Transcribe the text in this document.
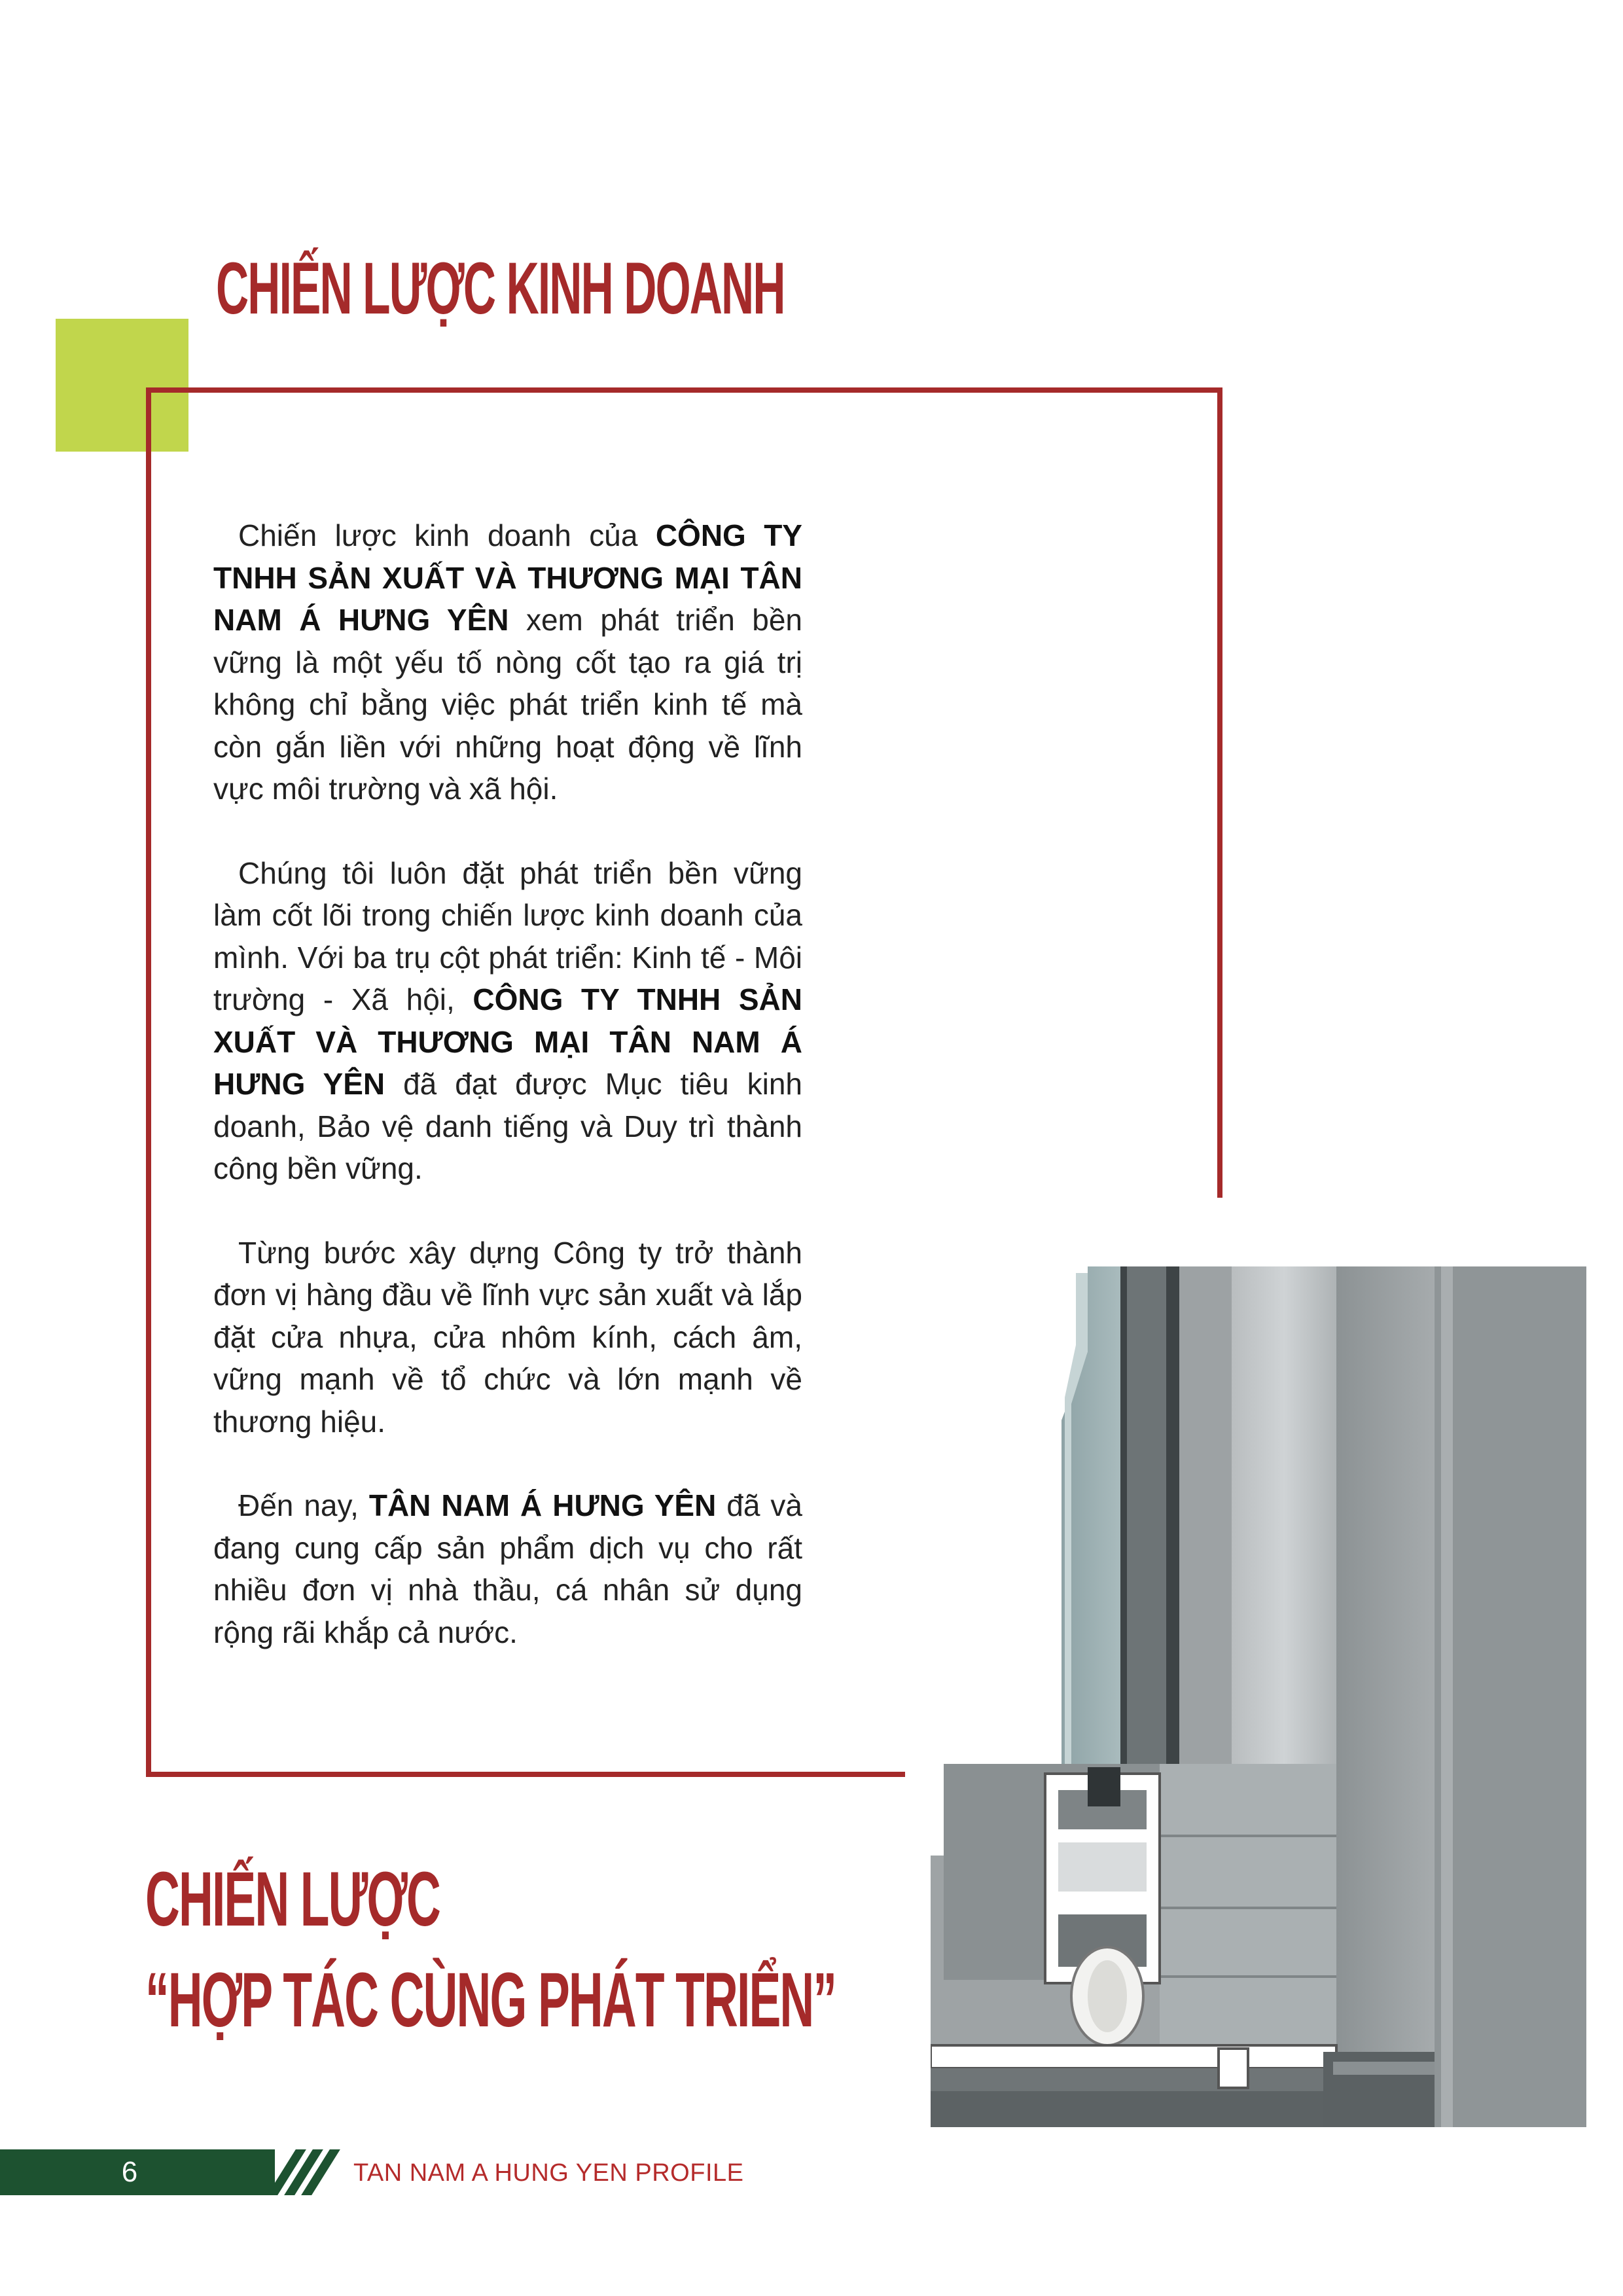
CHIẾN LƯỢC KINH DOANH

Chiến lược kinh doanh của CÔNG TY TNHH SẢN XUẤT VÀ THƯƠNG MẠI TÂN NAM Á HƯNG YÊN xem phát triển bền vững là một yếu tố nòng cốt tạo ra giá trị không chỉ bằng việc phát triển kinh tế mà còn gắn liền với những hoạt động về lĩnh vực môi trường và xã hội.

Chúng tôi luôn đặt phát triển bền vững làm cốt lõi trong chiến lược kinh doanh của mình. Với ba trụ cột phát triển: Kinh tế - Môi trường - Xã hội, CÔNG TY TNHH SẢN XUẤT VÀ THƯƠNG MẠI TÂN NAM Á HƯNG YÊN đã đạt được Mục tiêu kinh doanh, Bảo vệ danh tiếng và Duy trì thành công bền vững.

Từng bước xây dựng Công ty trở thành đơn vị hàng đầu về lĩnh vực sản xuất và lắp đặt cửa nhựa, cửa nhôm kính, cách âm, vững mạnh về tổ chức và lớn mạnh về thương hiệu.

Đến nay, TÂN NAM Á HƯNG YÊN đã và đang cung cấp sản phẩm dịch vụ cho rất nhiều đơn vị nhà thầu, cá nhân sử dụng rộng rãi khắp cả nước.

CHIẾN LƯỢC
“HỢP TÁC CÙNG PHÁT TRIỂN”
6	TAN NAM A HUNG YEN PROFILE
